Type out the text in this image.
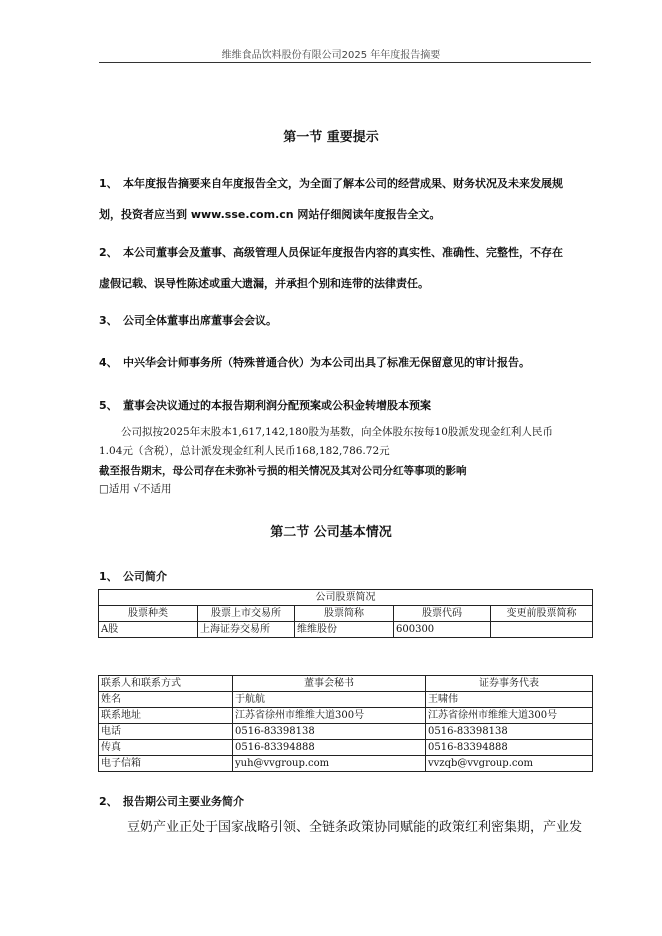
维维食品饮料股份有限公司2025 年年度报告摘要
第一节 重要提示
1、 本年度报告摘要来自年度报告全文，为全面了解本公司的经营成果、财务状况及未来发展规
划，投资者应当到 www.sse.com.cn 网站仔细阅读年度报告全文。
2、 本公司董事会及董事、高级管理人员保证年度报告内容的真实性、准确性、完整性，不存在
虚假记载、误导性陈述或重大遗漏，并承担个别和连带的法律责任。
3、 公司全体董事出席董事会会议。
4、 中兴华会计师事务所（特殊普通合伙）为本公司出具了标准无保留意见的审计报告。
5、 董事会决议通过的本报告期利润分配预案或公积金转增股本预案
公司拟按2025年末股本1,617,142,180股为基数，向全体股东按每10股派发现金红利人民币
1.04元（含税），总计派发现金红利人民币168,182,786.72元
截至报告期末，母公司存在未弥补亏损的相关情况及其对公司分红等事项的影响
□适用 √不适用
第二节 公司基本情况
1、 公司简介
公司股票简况				
股票种类	股票上市交易所	股票简称	股票代码	变更前股票简称
A股	上海证券交易所	维维股份	600300	
联系人和联系方式	董事会秘书	证券事务代表
姓名	于航航	王啸伟
联系地址	江苏省徐州市维维大道300号	江苏省徐州市维维大道300号
电话	0516-83398138	0516-83398138
传真	0516-83394888	0516-83394888
电子信箱	yuh@vvgroup.com	vvzqb@vvgroup.com
2、 报告期公司主要业务简介
豆奶产业正处于国家战略引领、全链条政策协同赋能的政策红利密集期，产业发
